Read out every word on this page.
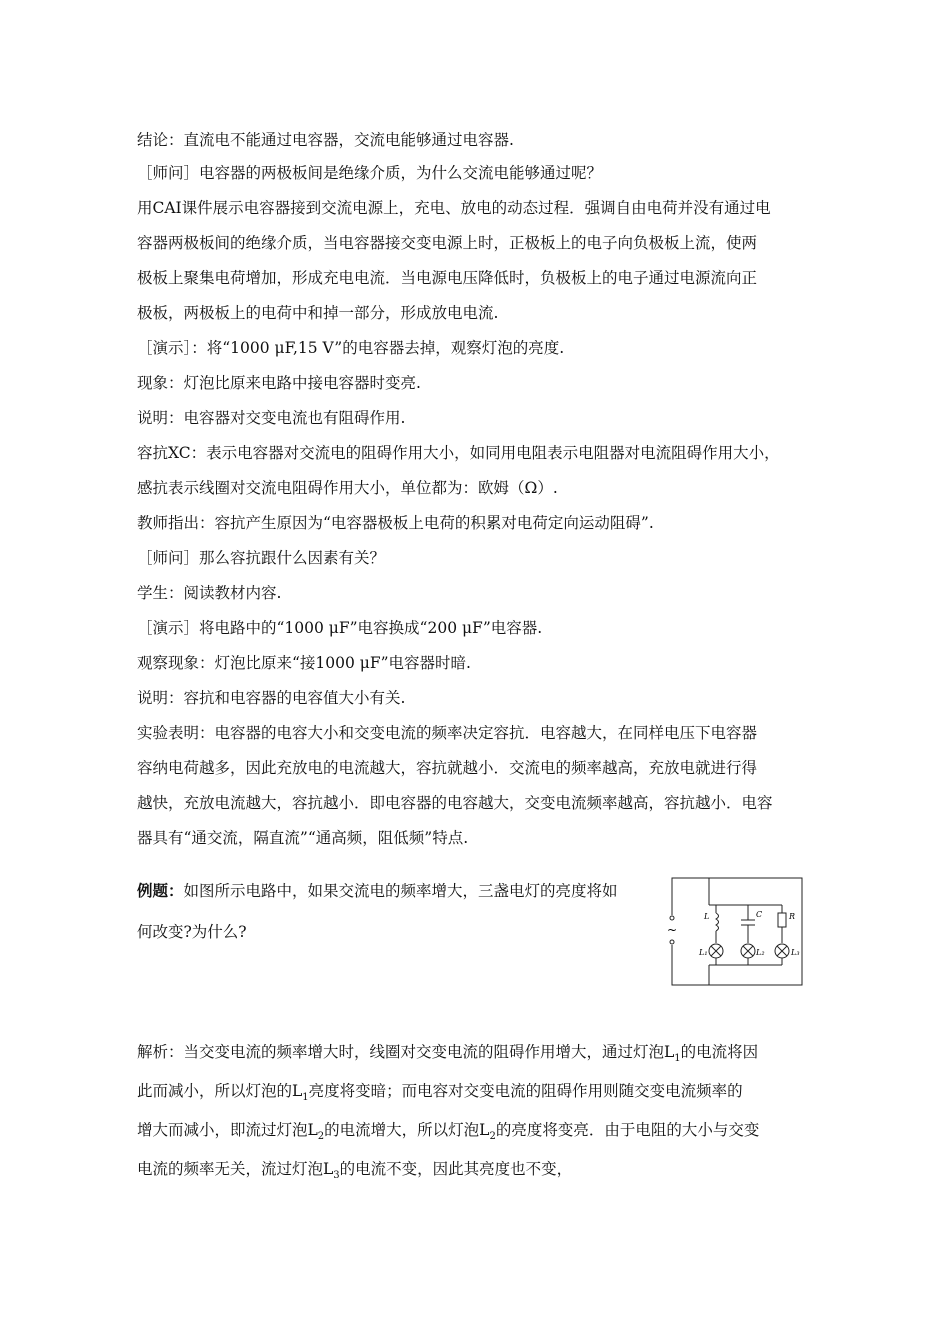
结论：直流电不能通过电容器，交流电能够通过电容器.
［师问］电容器的两极板间是绝缘介质，为什么交流电能够通过呢？
用CAI课件展示电容器接到交流电源上，充电、放电的动态过程．强调自由电荷并没有通过电
容器两极板间的绝缘介质，当电容器接交变电源上时，正极板上的电子向负极板上流，使两
极板上聚集电荷增加，形成充电电流．当电源电压降低时，负极板上的电子通过电源流向正
极板，两极板上的电荷中和掉一部分，形成放电电流.
［演示］：将“1000 μF,15 V”的电容器去掉，观察灯泡的亮度.
现象：灯泡比原来电路中接电容器时变亮.
说明：电容器对交变电流也有阻碍作用.
容抗XC：表示电容器对交流电的阻碍作用大小，如同用电阻表示电阻器对电流阻碍作用大小，
感抗表示线圈对交流电阻碍作用大小，单位都为：欧姆（Ω）.
教师指出：容抗产生原因为“电容器极板上电荷的积累对电荷定向运动阻碍”.
［师问］那么容抗跟什么因素有关？
学生：阅读教材内容.
［演示］将电路中的“1000 μF”电容换成“200 μF”电容器.
观察现象：灯泡比原来“接1000 μF”电容器时暗.
说明：容抗和电容器的电容值大小有关.
实验表明：电容器的电容大小和交变电流的频率决定容抗．电容越大，在同样电压下电容器
容纳电荷越多，因此充放电的电流越大，容抗就越小．交流电的频率越高，充放电就进行得
越快，充放电流越大，容抗越小．即电容器的电容越大，交变电流频率越高，容抗越小．电容
器具有“通交流，隔直流”“通高频，阻低频”特点.
例题：如图所示电路中，如果交流电的频率增大，三盏电灯的亮度将如
何改变?为什么?	~
L	C	R
L₁	L₂	L₃
解析：当交变电流的频率增大时，线圈对交变电流的阻碍作用增大，通过灯泡$L_1$的电流将因
此而减小，所以灯泡的$L_1$亮度将变暗；而电容对交变电流的阻碍作用则随交变电流频率的
增大而减小，即流过灯泡$L_2$的电流增大，所以灯泡$L_2$的亮度将变亮．由于电阻的大小与交变
电流的频率无关，流过灯泡$L_3$的电流不变，因此其亮度也不变，
